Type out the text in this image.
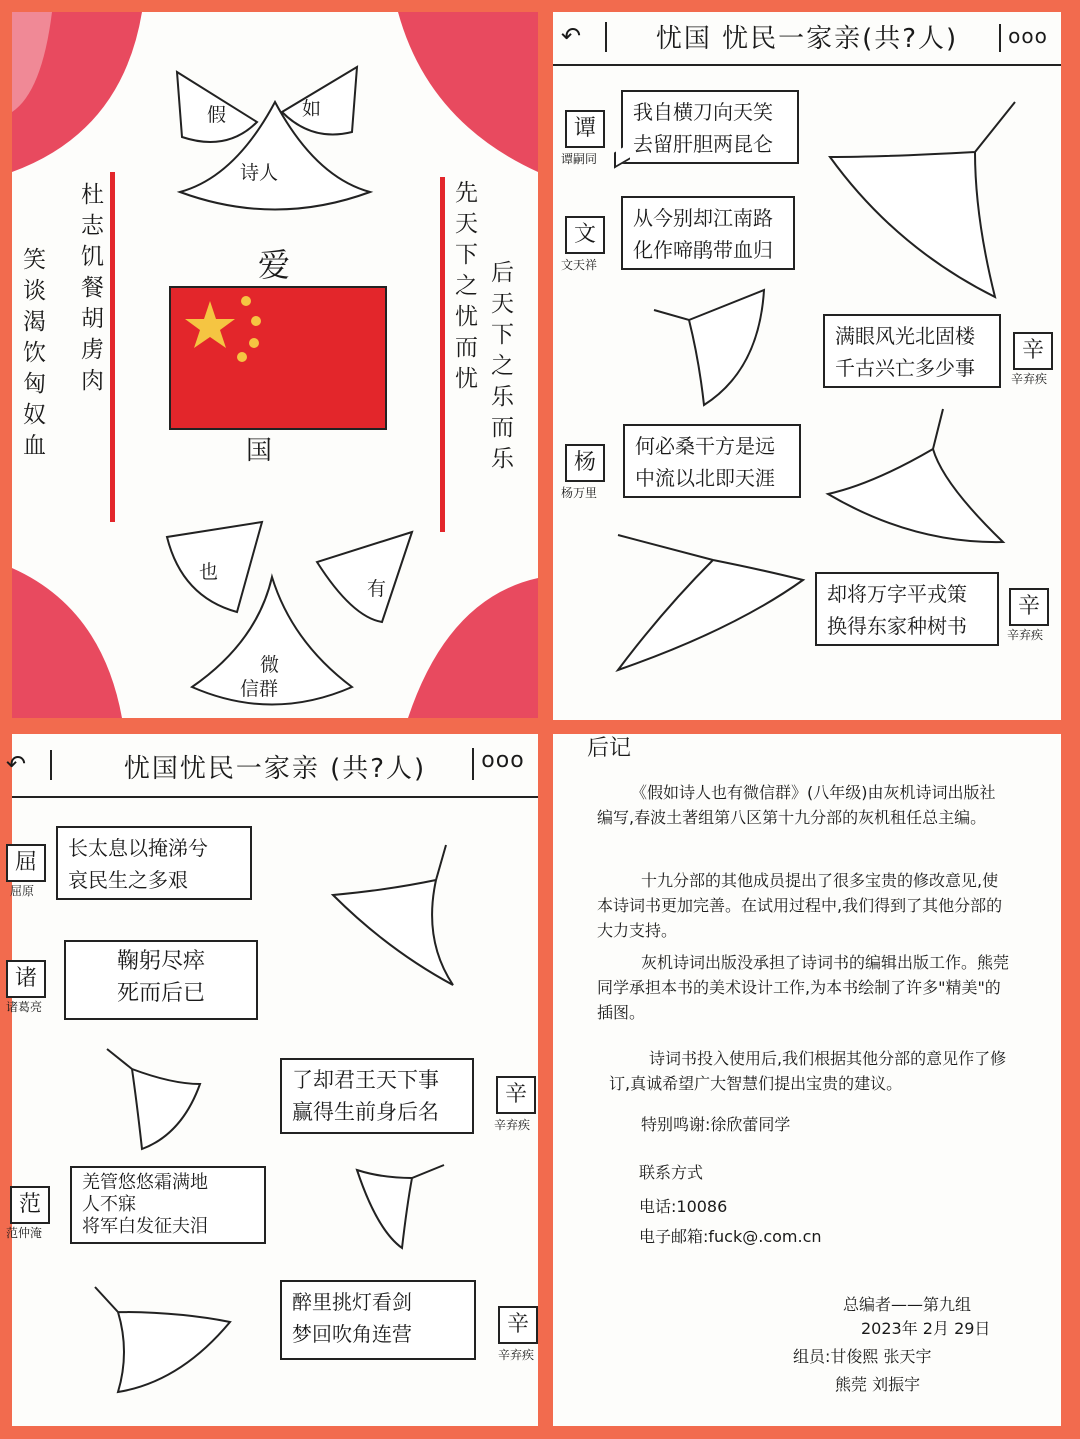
假	如
诗人
杜志饥餐胡虏肉
笑谈渴饮匈奴血	先天下之忧而忧 后天下之乐而乐
爱
国
也
有
微
信群
↶	忧国 忧民一家亲(共?人)	ooo
谭
谭嗣同
我自横刀向天笑
去留肝胆两昆仑
文
文天祥
从今别却江南路
化作啼鹃带血归
满眼风光北固楼
千古兴亡多少事
辛
辛弃疾
杨
杨万里
何必桑干方是远
中流以北即天涯
却将万字平戎策
换得东家种树书
辛
辛弃疾
↶	忧国忧民一家亲 (共?人)	ooo
屈
屈原
长太息以掩涕兮
哀民生之多艰
诸
诸葛亮
鞠躬尽瘁
死而后已
了却君王天下事
赢得生前身后名
辛
辛弃疾
范
范仲淹
羌管悠悠霜满地
人不寐
将军白发征夫泪
醉里挑灯看剑
梦回吹角连营	辛
辛弃疾
后记
《假如诗人也有微信群》(八年级)由灰机诗词出版社编写,春波土著组第八区第十九分部的灰机租任总主编。
十九分部的其他成员提出了很多宝贵的修改意见,使本诗词书更加完善。在试用过程中,我们得到了其他分部的大力支持。
灰机诗词出版没承担了诗词书的编辑出版工作。熊莞同学承担本书的美术设计工作,为本书绘制了许多"精美"的插图。
诗词书投入使用后,我们根据其他分部的意见作了修订,真诚希望广大智慧们提出宝贵的建议。
特别鸣谢:徐欣蕾同学
联系方式
电话:10086
电子邮箱:fuck@.com.cn
总编者——第九组
2023年 2月 29日
组员:甘俊熙 张天宇
熊莞 刘振宇
